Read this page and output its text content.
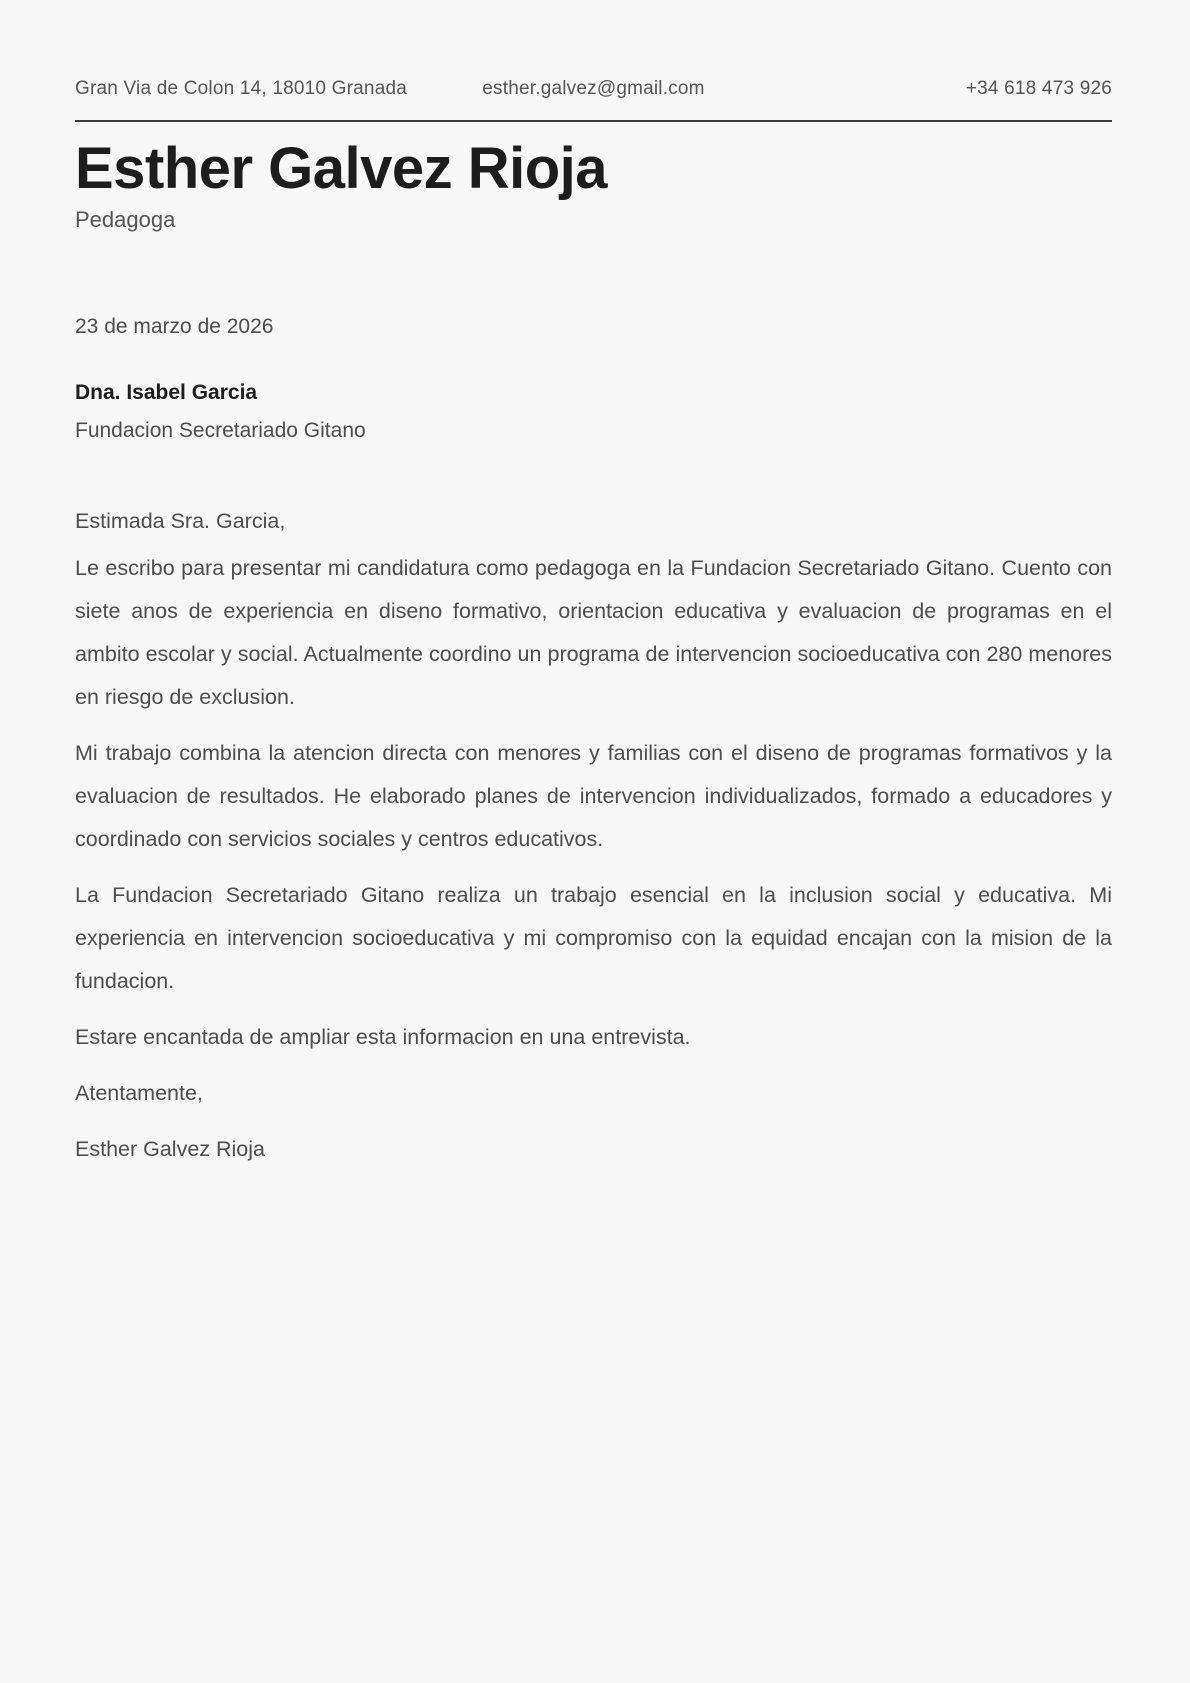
Gran Via de Colon 14, 18010 Granada	esther.galvez@gmail.com	+34 618 473 926
Esther Galvez Rioja
Pedagoga
23 de marzo de 2026
Dna. Isabel Garcia
Fundacion Secretariado Gitano

Estimada Sra. Garcia,

Le escribo para presentar mi candidatura como pedagoga en la Fundacion Secretariado Gitano. Cuento con siete anos de experiencia en diseno formativo, orientacion educativa y evaluacion de programas en el ambito escolar y social. Actualmente coordino un programa de intervencion socioeducativa con 280 menores en riesgo de exclusion.

Mi trabajo combina la atencion directa con menores y familias con el diseno de programas formativos y la evaluacion de resultados. He elaborado planes de intervencion individualizados, formado a educadores y coordinado con servicios sociales y centros educativos.

La Fundacion Secretariado Gitano realiza un trabajo esencial en la inclusion social y educativa. Mi experiencia en intervencion socioeducativa y mi compromiso con la equidad encajan con la mision de la fundacion.

Estare encantada de ampliar esta informacion en una entrevista.

Atentamente,

Esther Galvez Rioja
